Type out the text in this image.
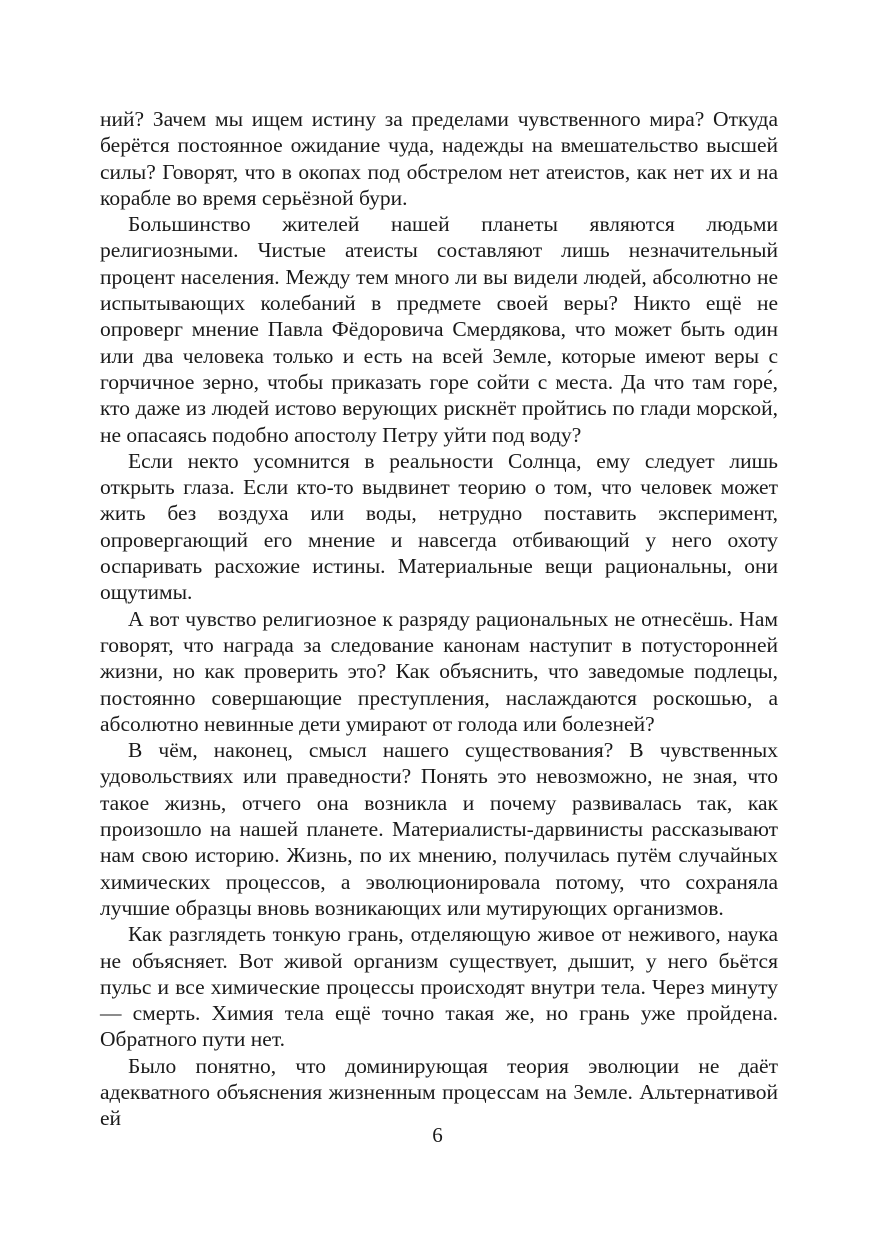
ний? Зачем мы ищем истину за пределами чувственного мира? Откуда берётся постоянное ожидание чуда, надежды на вмешательство высшей силы? Говорят, что в окопах под обстрелом нет атеистов, как нет их и на корабле во время серьёзной бури.

Большинство жителей нашей планеты являются людьми религиозными. Чистые атеисты составляют лишь незначительный процент населения. Между тем много ли вы видели людей, абсолютно не испытывающих колебаний в предмете своей веры? Никто ещё не опроверг мнение Павла Фёдоровича Смердякова, что может быть один или два человека только и есть на всей Земле, которые имеют веры с горчичное зерно, чтобы приказать горе сойти с места. Да что там горе́, кто даже из людей истово верующих рискнёт пройтись по глади морской, не опасаясь подобно апостолу Петру уйти под воду?

Если некто усомнится в реальности Солнца, ему следует лишь открыть глаза. Если кто-то выдвинет теорию о том, что человек может жить без воздуха или воды, нетрудно поставить эксперимент, опровергающий его мнение и навсегда отбивающий у него охоту оспаривать расхожие истины. Материальные вещи рациональны, они ощутимы.

А вот чувство религиозное к разряду рациональных не отнесёшь. Нам говорят, что награда за следование канонам наступит в потусторонней жизни, но как проверить это? Как объяснить, что заведомые подлецы, постоянно совершающие преступления, наслаждаются роскошью, а абсолютно невинные дети умирают от голода или болезней?

В чём, наконец, смысл нашего существования? В чувственных удовольствиях или праведности? Понять это невозможно, не зная, что такое жизнь, отчего она возникла и почему развивалась так, как произошло на нашей планете. Материалисты-дарвинисты рассказывают нам свою историю. Жизнь, по их мнению, получилась путём случайных химических процессов, а эволюционировала потому, что сохраняла лучшие образцы вновь возникающих или мутирующих организмов.

Как разглядеть тонкую грань, отделяющую живое от неживого, наука не объясняет. Вот живой организм существует, дышит, у него бьётся пульс и все химические процессы происходят внутри тела. Через минуту — смерть. Химия тела ещё точно такая же, но грань уже пройдена. Обратного пути нет.

Было понятно, что доминирующая теория эволюции не даёт адекватного объяснения жизненным процессам на Земле. Альтернативой ей

6
